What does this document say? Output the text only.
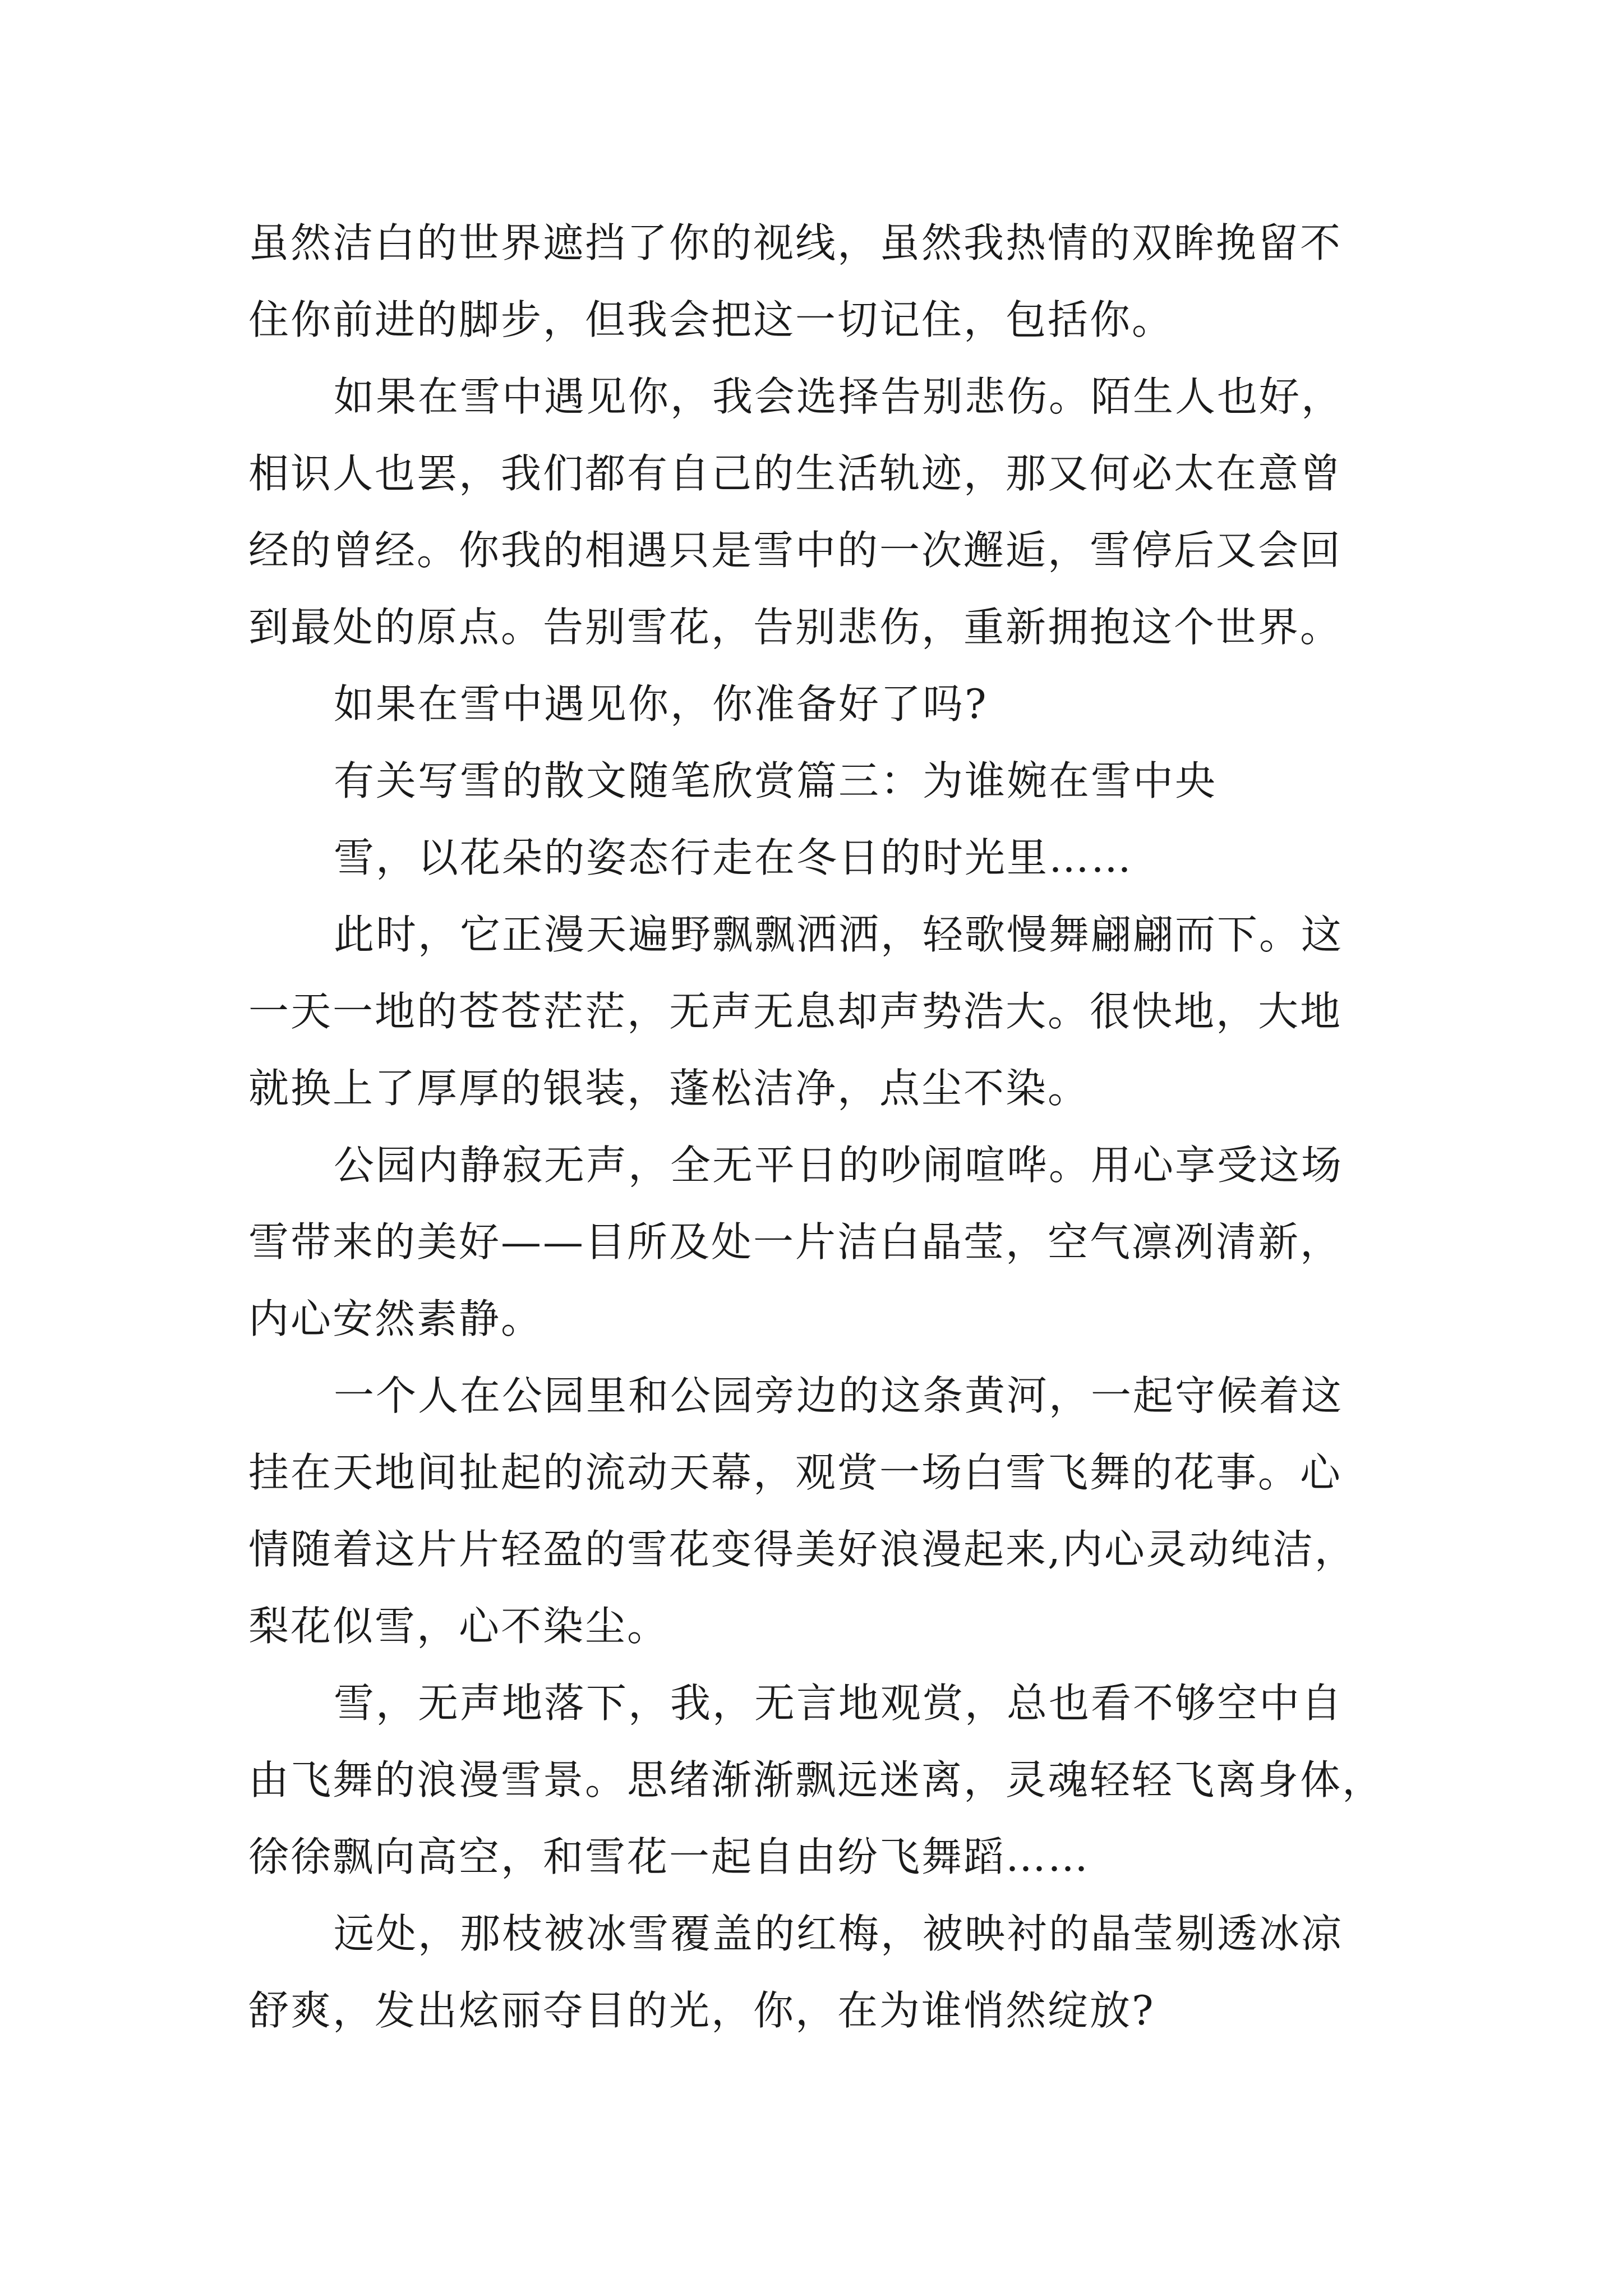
虽然洁白的世界遮挡了你的视线，虽然我热情的双眸挽留不
住你前进的脚步，但我会把这一切记住，包括你。
如果在雪中遇见你，我会选择告别悲伤。陌生人也好，
相识人也罢，我们都有自己的生活轨迹，那又何必太在意曾
经的曾经。你我的相遇只是雪中的一次邂逅，雪停后又会回
到最处的原点。告别雪花，告别悲伤，重新拥抱这个世界。
如果在雪中遇见你，你准备好了吗?
有关写雪的散文随笔欣赏篇三：为谁婉在雪中央
雪，以花朵的姿态行走在冬日的时光里……
此时，它正漫天遍野飘飘洒洒，轻歌慢舞翩翩而下。这
一天一地的苍苍茫茫，无声无息却声势浩大。很快地，大地
就换上了厚厚的银装，蓬松洁净，点尘不染。
公园内静寂无声，全无平日的吵闹喧哗。用心享受这场
雪带来的美好——目所及处一片洁白晶莹，空气凛冽清新，
内心安然素静。
一个人在公园里和公园旁边的这条黄河，一起守候着这
挂在天地间扯起的流动天幕，观赏一场白雪飞舞的花事。心
情随着这片片轻盈的雪花变得美好浪漫起来,内心灵动纯洁，
梨花似雪，心不染尘。
雪，无声地落下，我，无言地观赏，总也看不够空中自
由飞舞的浪漫雪景。思绪渐渐飘远迷离，灵魂轻轻飞离身体，
徐徐飘向高空，和雪花一起自由纷飞舞蹈……
远处，那枝被冰雪覆盖的红梅，被映衬的晶莹剔透冰凉
舒爽，发出炫丽夺目的光，你，在为谁悄然绽放?
